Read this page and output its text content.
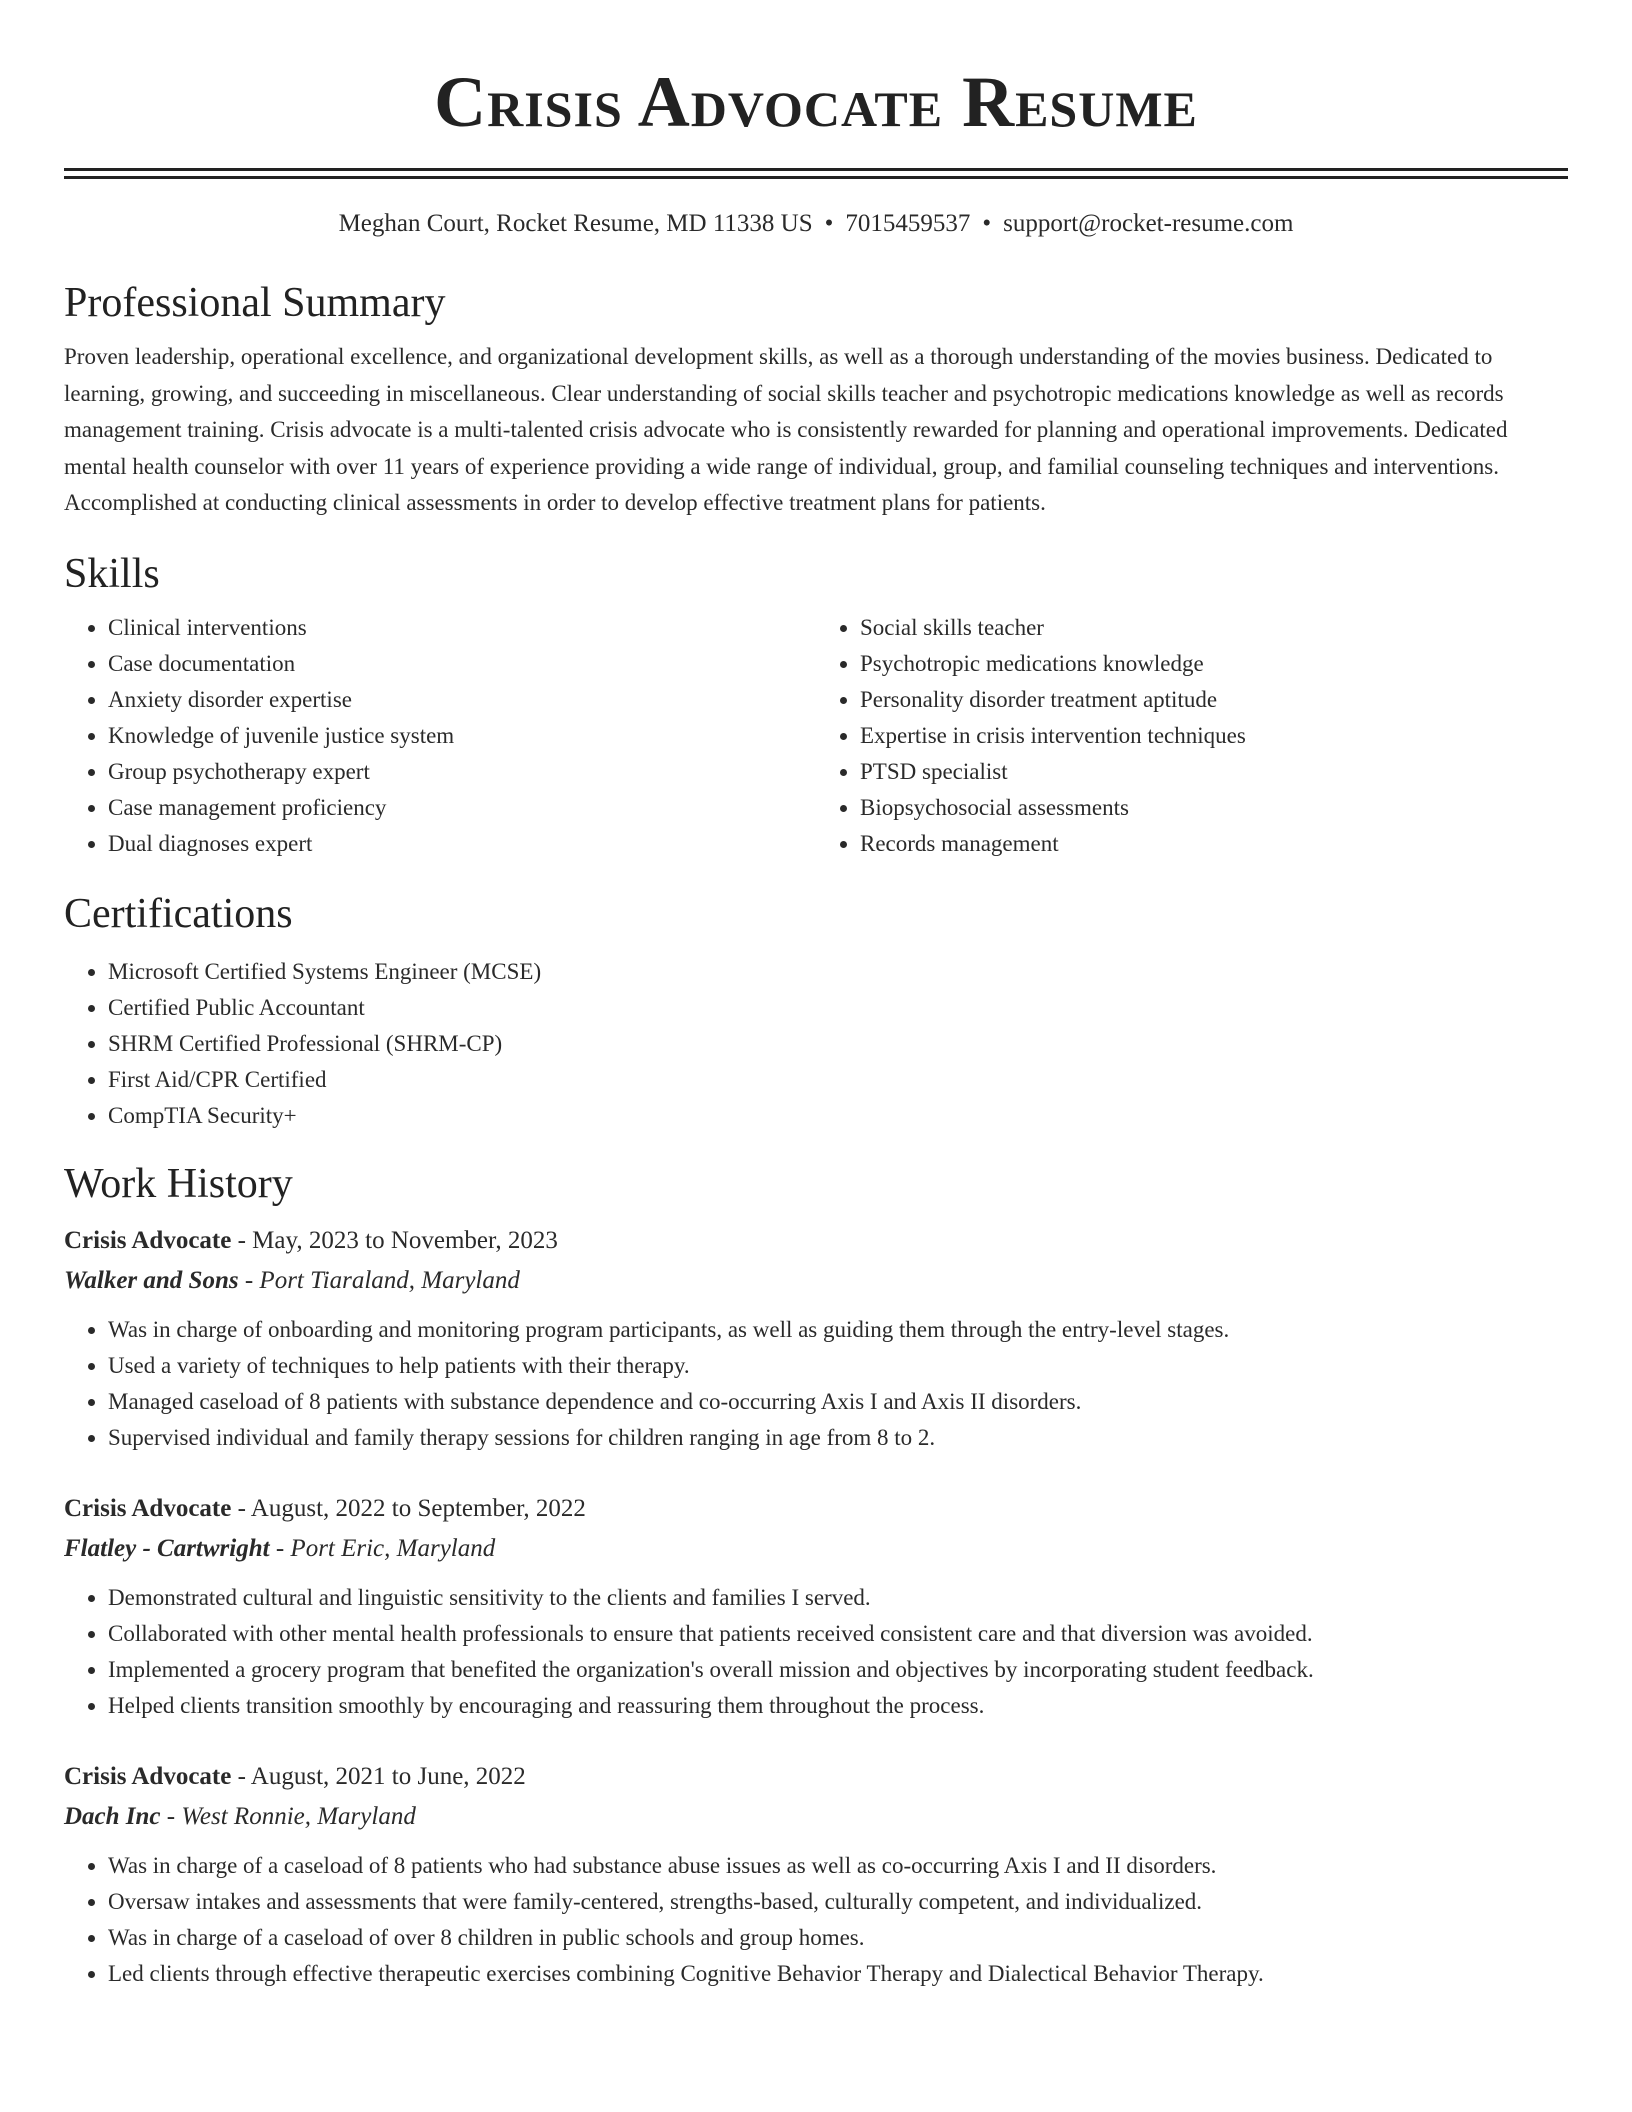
Crisis Advocate Resume
Meghan Court, Rocket Resume, MD 11338 US • 7015459537 • support@rocket-resume.com
Professional Summary

Proven leadership, operational excellence, and organizational development skills, as well as a thorough understanding of the movies business. Dedicated to learning, growing, and succeeding in miscellaneous. Clear understanding of social skills teacher and psychotropic medications knowledge as well as records management training. Crisis advocate is a multi-talented crisis advocate who is consistently rewarded for planning and operational improvements. Dedicated mental health counselor with over 11 years of experience providing a wide range of individual, group, and familial counseling techniques and interventions. Accomplished at conducting clinical assessments in order to develop effective treatment plans for patients.

Skills
• Clinical interventions
• Case documentation
• Anxiety disorder expertise
• Knowledge of juvenile justice system
• Group psychotherapy expert
• Case management proficiency
• Dual diagnoses expert
• Social skills teacher
• Psychotropic medications knowledge
• Personality disorder treatment aptitude
• Expertise in crisis intervention techniques
• PTSD specialist
• Biopsychosocial assessments
• Records management
Certifications
• Microsoft Certified Systems Engineer (MCSE)
• Certified Public Accountant
• SHRM Certified Professional (SHRM-CP)
• First Aid/CPR Certified
• CompTIA Security+
Work History
Crisis Advocate - May, 2023 to November, 2023
Walker and Sons - Port Tiaraland, Maryland
• Was in charge of onboarding and monitoring program participants, as well as guiding them through the entry-level stages.
• Used a variety of techniques to help patients with their therapy.
• Managed caseload of 8 patients with substance dependence and co-occurring Axis I and Axis II disorders.
• Supervised individual and family therapy sessions for children ranging in age from 8 to 2.
Crisis Advocate - August, 2022 to September, 2022
Flatley - Cartwright - Port Eric, Maryland
• Demonstrated cultural and linguistic sensitivity to the clients and families I served.
• Collaborated with other mental health professionals to ensure that patients received consistent care and that diversion was avoided.
• Implemented a grocery program that benefited the organization's overall mission and objectives by incorporating student feedback.
• Helped clients transition smoothly by encouraging and reassuring them throughout the process.
Crisis Advocate - August, 2021 to June, 2022
Dach Inc - West Ronnie, Maryland
• Was in charge of a caseload of 8 patients who had substance abuse issues as well as co-occurring Axis I and II disorders.
• Oversaw intakes and assessments that were family-centered, strengths-based, culturally competent, and individualized.
• Was in charge of a caseload of over 8 children in public schools and group homes.
• Led clients through effective therapeutic exercises combining Cognitive Behavior Therapy and Dialectical Behavior Therapy.
